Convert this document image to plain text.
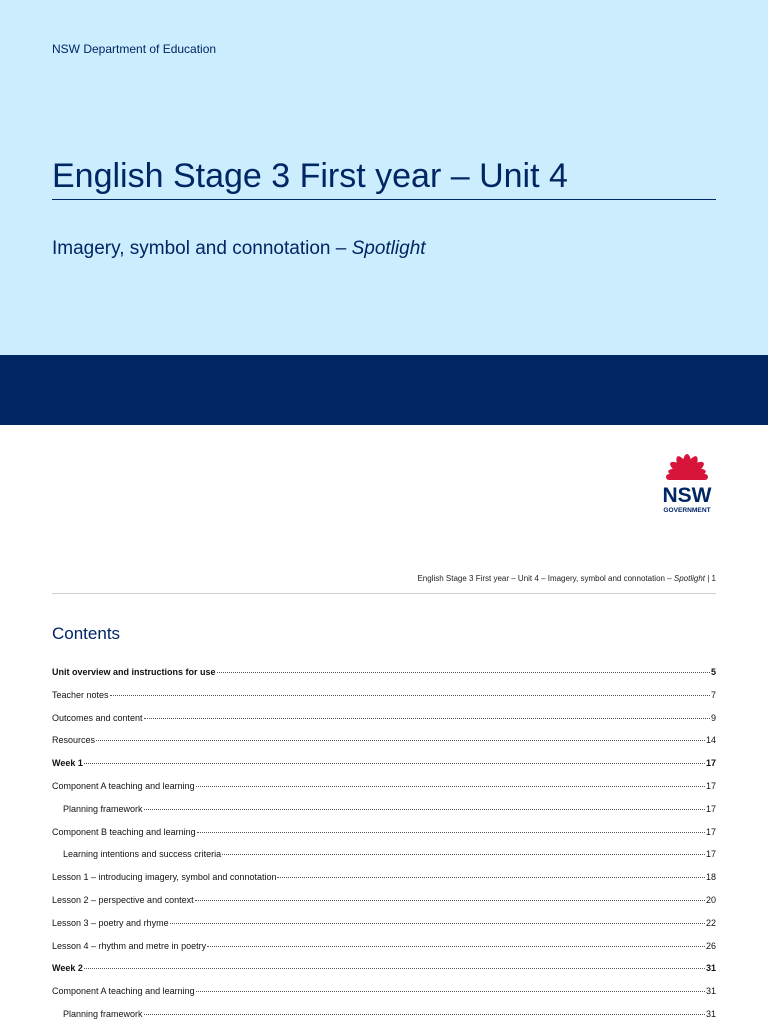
NSW Department of Education
English Stage 3 First year – Unit 4
Imagery, symbol and connotation – Spotlight
NSW
GOVERNMENT
English Stage 3 First year – Unit 4 – Imagery, symbol and connotation – Spotlight | 1
Contents
Unit overview and instructions for use	5
Teacher notes	7
Outcomes and content	9
Resources	14
Week 1	17
Component A teaching and learning	17
Planning framework	17
Component B teaching and learning	17
Learning intentions and success criteria	17
Lesson 1 – introducing imagery, symbol and connotation	18
Lesson 2 – perspective and context	20
Lesson 3 – poetry and rhyme	22
Lesson 4 – rhythm and metre in poetry	26
Week 2	31
Component A teaching and learning	31
Planning framework	31
